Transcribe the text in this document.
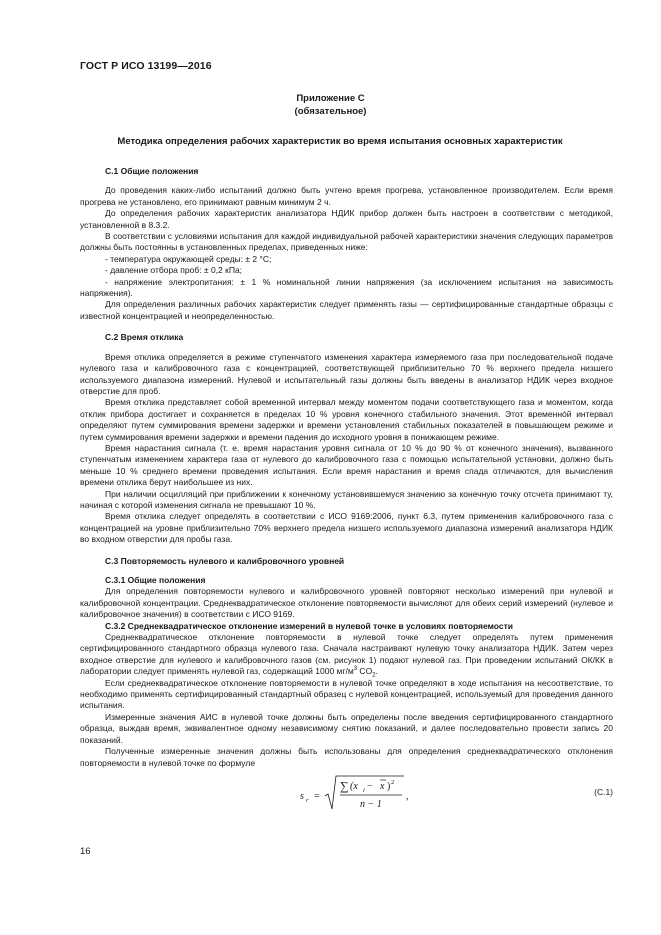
ГОСТ Р ИСО 13199—2016
Приложение С
(обязательное)
Методика определения рабочих характеристик во время испытания основных характеристик
С.1 Общие положения

До проведения каких-либо испытаний должно быть учтено время прогрева, установленное производителем. Если время прогрева не установлено, его принимают равным минимум 2 ч.

До определения рабочих характеристик анализатора НДИК прибор должен быть настроен в соответствии с методикой, установленной в 8.3.2.

В соответствии с условиями испытания для каждой индивидуальной рабочей характеристики значения следующих параметров должны быть постоянны в установленных пределах, приведенных ниже:

- температура окружающей среды: ± 2 °С;

- давление отбора проб: ± 0,2 кПа;

- напряжение электропитания: ± 1 % номинальной линии напряжения (за исключением испытания на зависимость напряжения).

Для определения различных рабочих характеристик следует применять газы — сертифицированные стандартные образцы с известной концентрацией и неопределенностью.

С.2 Время отклика

Время отклика определяется в режиме ступенчатого изменения характера измеряемого газа при последовательной подаче нулевого газа и калибровочного газа с концентрацией, соответствующей приблизительно 70 % верхнего предела низшего используемого диапазона измерений. Нулевой и испытательный газы должны быть введены в анализатор НДИК через входное отверстие для проб.

Время отклика представляет собой временной интервал между моментом подачи соответствующего газа и моментом, когда отклик прибора достигает и сохраняется в пределах 10 % уровня конечного стабильного значения. Этот временнóй интервал определяют путем суммирования времени задержки и времени установления стабильных показателей в повышающем режиме и путем суммирования времени задержки и времени падения до исходного уровня в понижающем режиме.

Время нарастания сигнала (т. е. время нарастания уровня сигнала от 10 % до 90 % от конечного значения), вызванного ступенчатым изменением характера газа от нулевого до калибровочного газа с помощью испытательной установки, должно быть меньше 10 % среднего времени проведения испытания. Если время нарастания и время спада отличаются, для вычисления времени отклика берут наибольшее из них.

При наличии осцилляций при приближении к конечному установившемуся значению за конечную точку отсчета принимают ту, начиная с которой изменения сигнала не превышают 10 %.

Время отклика следует определять в соответствии с ИСО 9169:2006, пункт 6.3, путем применения калибровочного газа с концентрацией на уровне приблизительно 70% верхнего предела низшего используемого диапазона измерений анализатора НДИК во входном отверстии для пробы газа.

С.3 Повторяемость нулевого и калибровочного уровней
С.3.1 Общие положения

Для определения повторяемости нулевого и калибровочного уровней повторяют несколько измерений при нулевой и калибровочной концентрации. Среднеквадратическое отклонение повторяемости вычисляют для обеих серий измерений (нулевое и калибровочное значения) в соответствии с ИСО 9169.

С.3.2 Среднеквадратическое отклонение измерений в нулевой точке в условиях повторяемости

Среднеквадратическое отклонение повторяемости в нулевой точке следует определять путем применения сертифицированного стандартного образца нулевого газа. Сначала настраивают нулевую точку анализатора НДИК. Затем через входное отверстие для нулевого и калибровочного газов (см. рисунок 1) подают нулевой газ. При проведении испытаний ОК/КК в лаборатории следует применять нулевой газ, содержащий 1000 $мг/м^3$ $CO_2$.

Если среднеквадратическое отклонение повторяемости в нулевой точке определяют в ходе испытания на несоответствие, то необходимо применять сертифицированный стандартный образец с нулевой концентрацией, используемый для проведения данного испытания.

Измеренные значения АИС в нулевой точке должны быть определены после введения сертифицированного стандартного образца, выждав время, эквивалентное одному независимому снятию показаний, и далее последовательно провести запись 20 показаний.

Полученные измеренные значения должны быть использованы для определения среднеквадратического отклонения повторяемости в нулевой точке по формуле

s r =
∑ (x i − x ) 2
n − 1
,	(С.1)
16
